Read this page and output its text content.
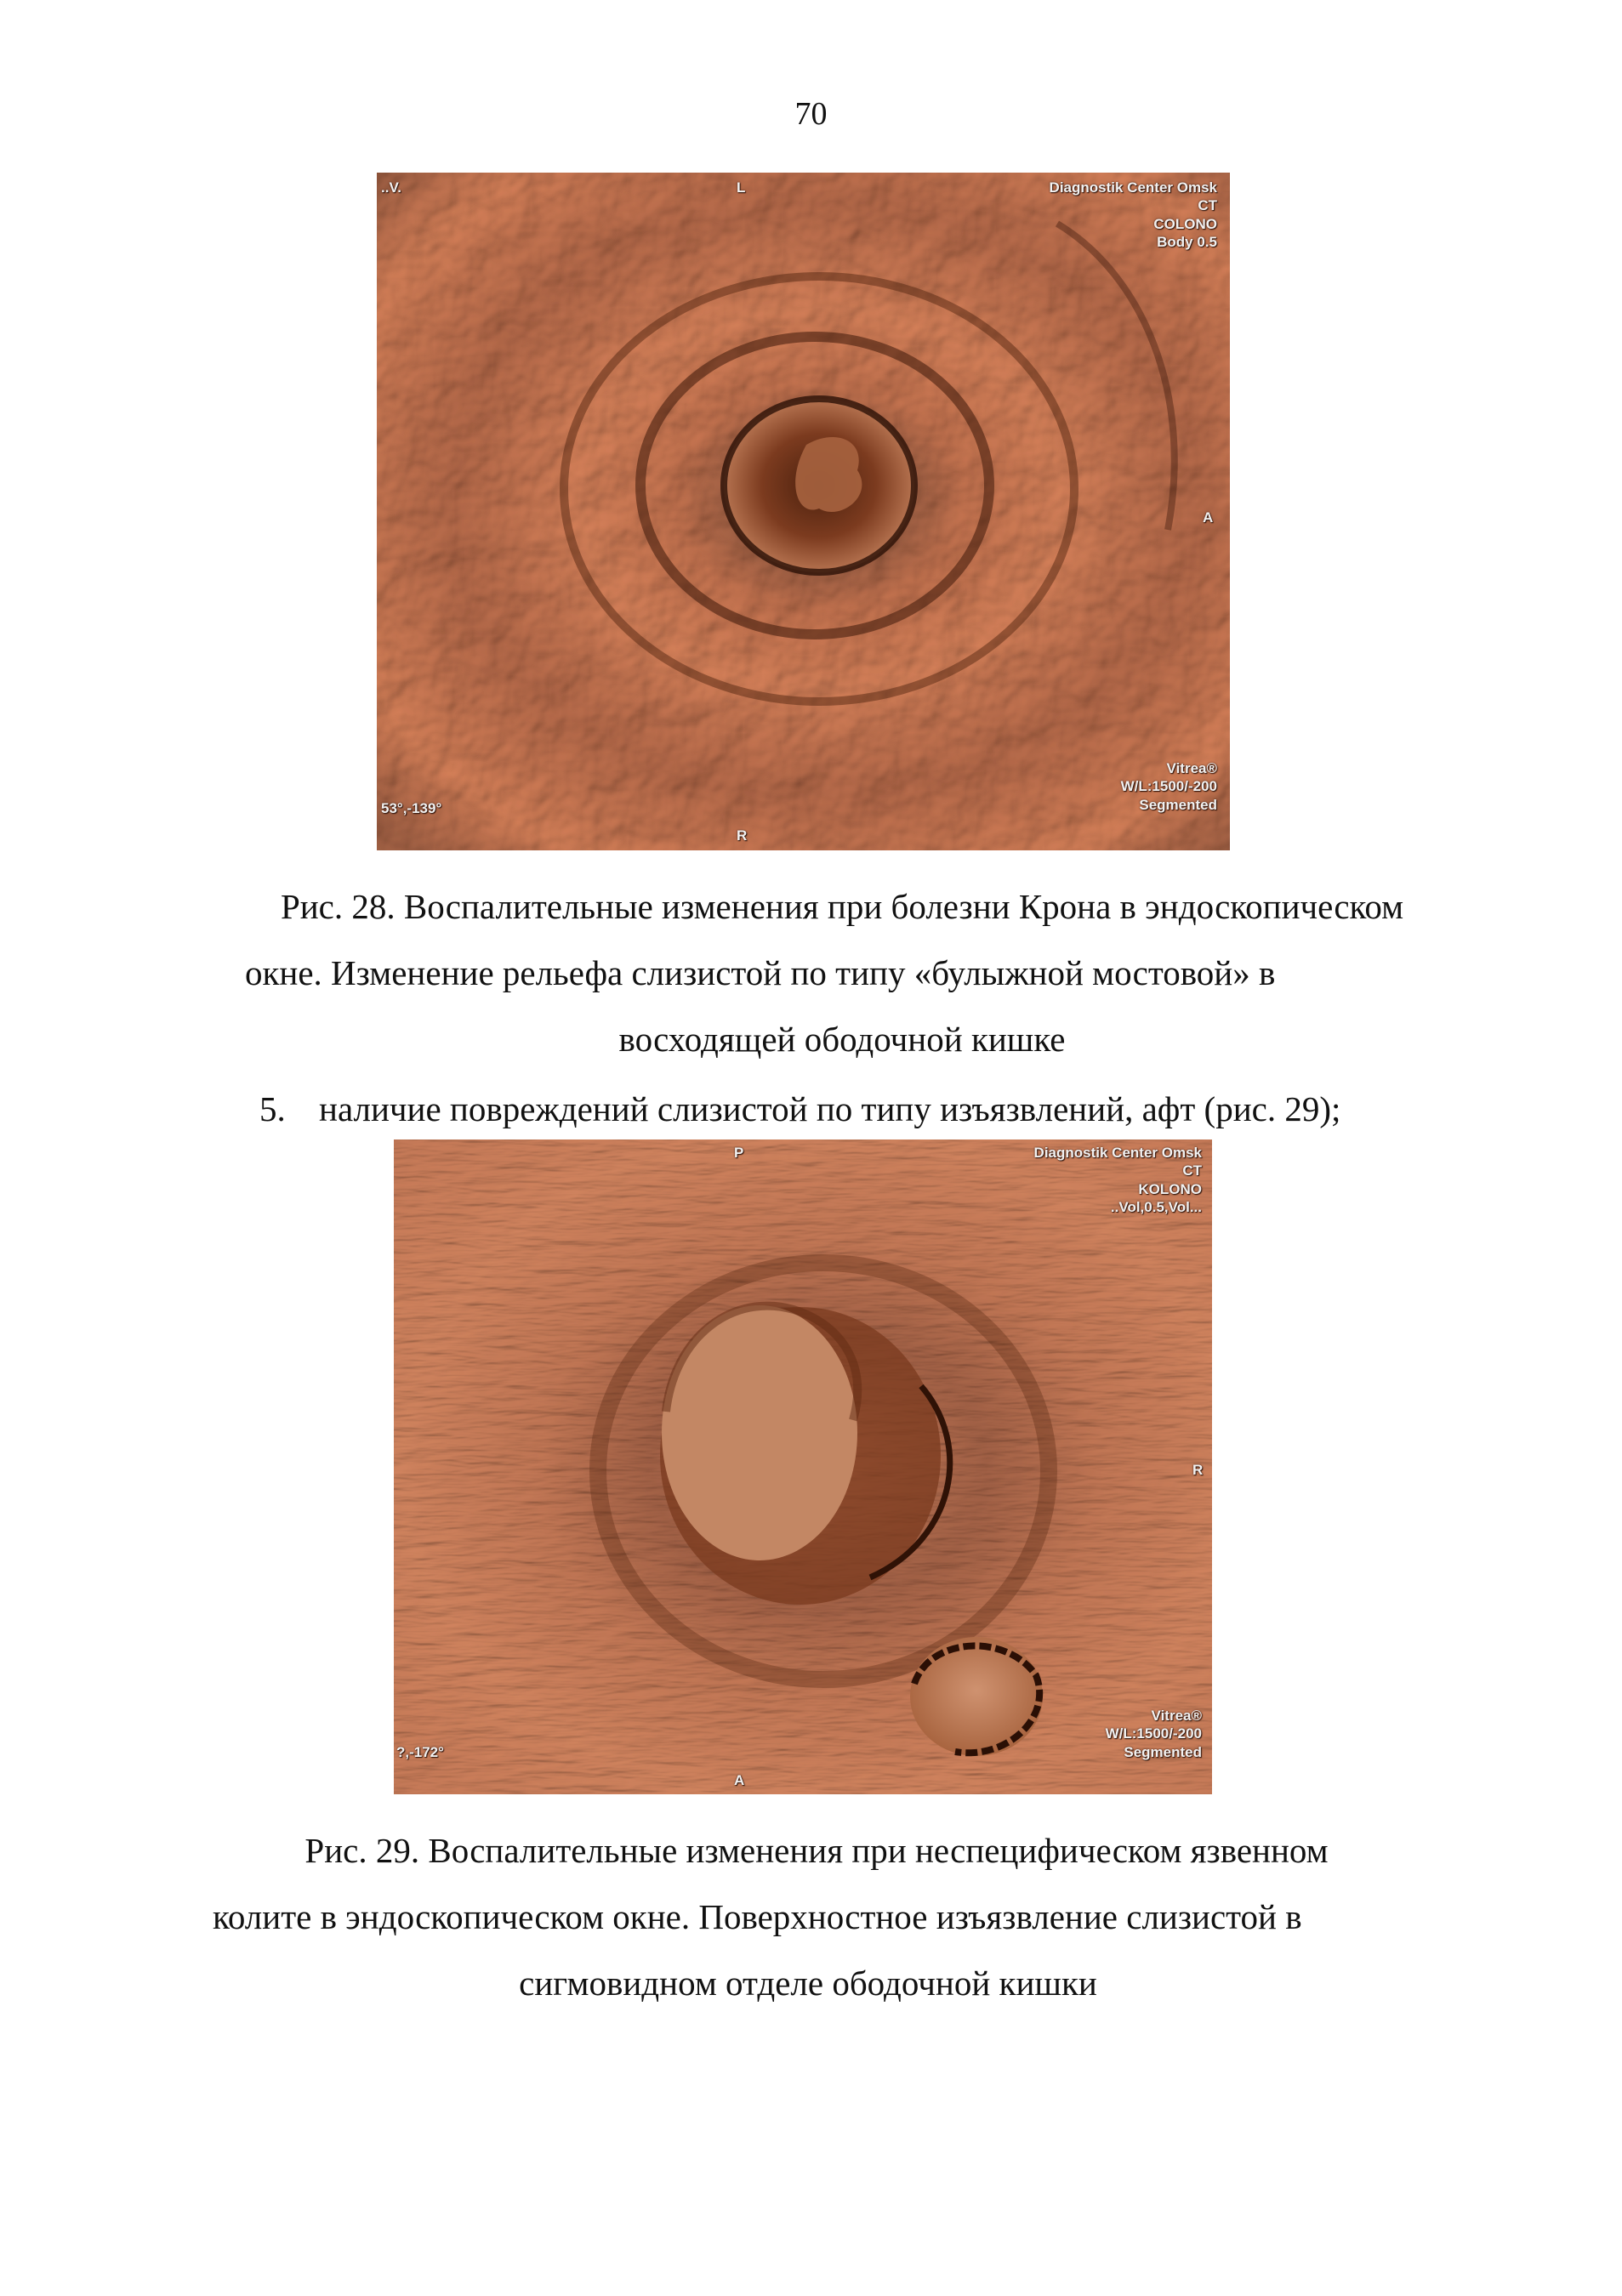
70
..V.	L	Diagnostik Center Omsk
CT
COLONO
Body 0.5
A
53°,-139°
R
Vitrea®
W/L:1500/-200
Segmented
Рис. 28. Воспалительные изменения при болезни Крона в эндоскопическом
окне. Изменение рельефа слизистой по типу «булыжной мостовой» в
восходящей ободочной кишке
5. наличие повреждений слизистой по типу изъязвлений, афт (рис. 29);
P	Diagnostik Center Omsk
CT
KOLONO
..Vol,0.5,Vol...
R
?,-172°
A
Vitrea®
W/L:1500/-200
Segmented
Рис. 29. Воспалительные изменения при неспецифическом язвенном
колите в эндоскопическом окне. Поверхностное изъязвление слизистой в
сигмовидном отделе ободочной кишки
